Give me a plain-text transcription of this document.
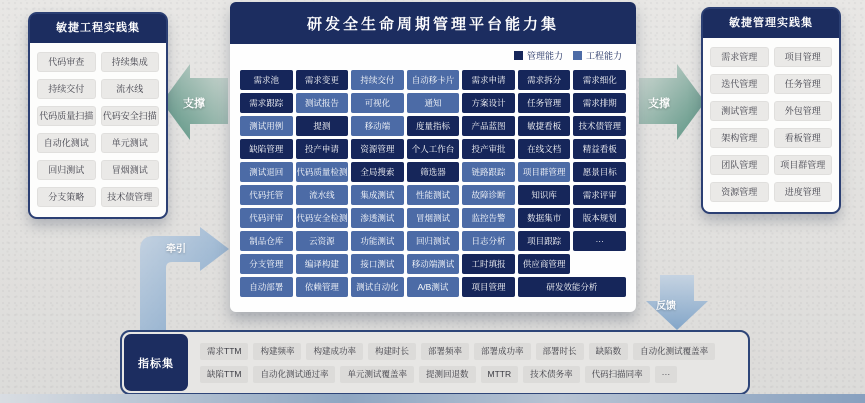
牵引
反馈
支撑	支撑
敏捷工程实践集
代码审查	持续集成
持续交付	流水线
代码质量扫描 代码安全扫描
自动化测试	单元测试
回归测试	冒烟测试
分支策略	技术债管理
敏捷管理实践集
需求管理	项目管理
迭代管理	任务管理
测试管理	外包管理
架构管理	看板管理
团队管理	项目群管理
资源管理	进度管理
研发全生命周期管理平台能力集
管理能力	工程能力
需求池	需求变更	持续交付	自动移卡片	需求申请	需求拆分	需求细化
需求跟踪	测试报告	可视化	通知	方案设计	任务管理	需求排期
测试用例	提测	移动端	度量指标	产品蓝图	敏捷看板	技术债管理
缺陷管理	投产申请	资源管理	个人工作台	投产审批	在线文档	精益看板
测试退回	代码质量检测	全局搜索	筛选器	链路跟踪	项目群管理	愿景目标
代码托管	流水线	集成测试	性能测试	故障诊断	知识库	需求评审
代码评审	代码安全检测	渗透测试	冒烟测试	监控告警	数据集市	版本规划
制品仓库	云资源	功能测试	回归测试	日志分析	项目跟踪	···
分支管理	编译构建	接口测试	移动端测试	工时填报	供应商管理
自动部署	依赖管理	测试自动化	A/B测试	项目管理	研发效能分析
指标集
需求TTM	构建频率	构建成功率	构建时长	部署频率	部署成功率	部署时长	缺陷数	自动化测试覆盖率
缺陷TTM	自动化测试通过率	单元测试覆盖率	提测回退数	MTTR	技术债务率	代码扫描同率	···
